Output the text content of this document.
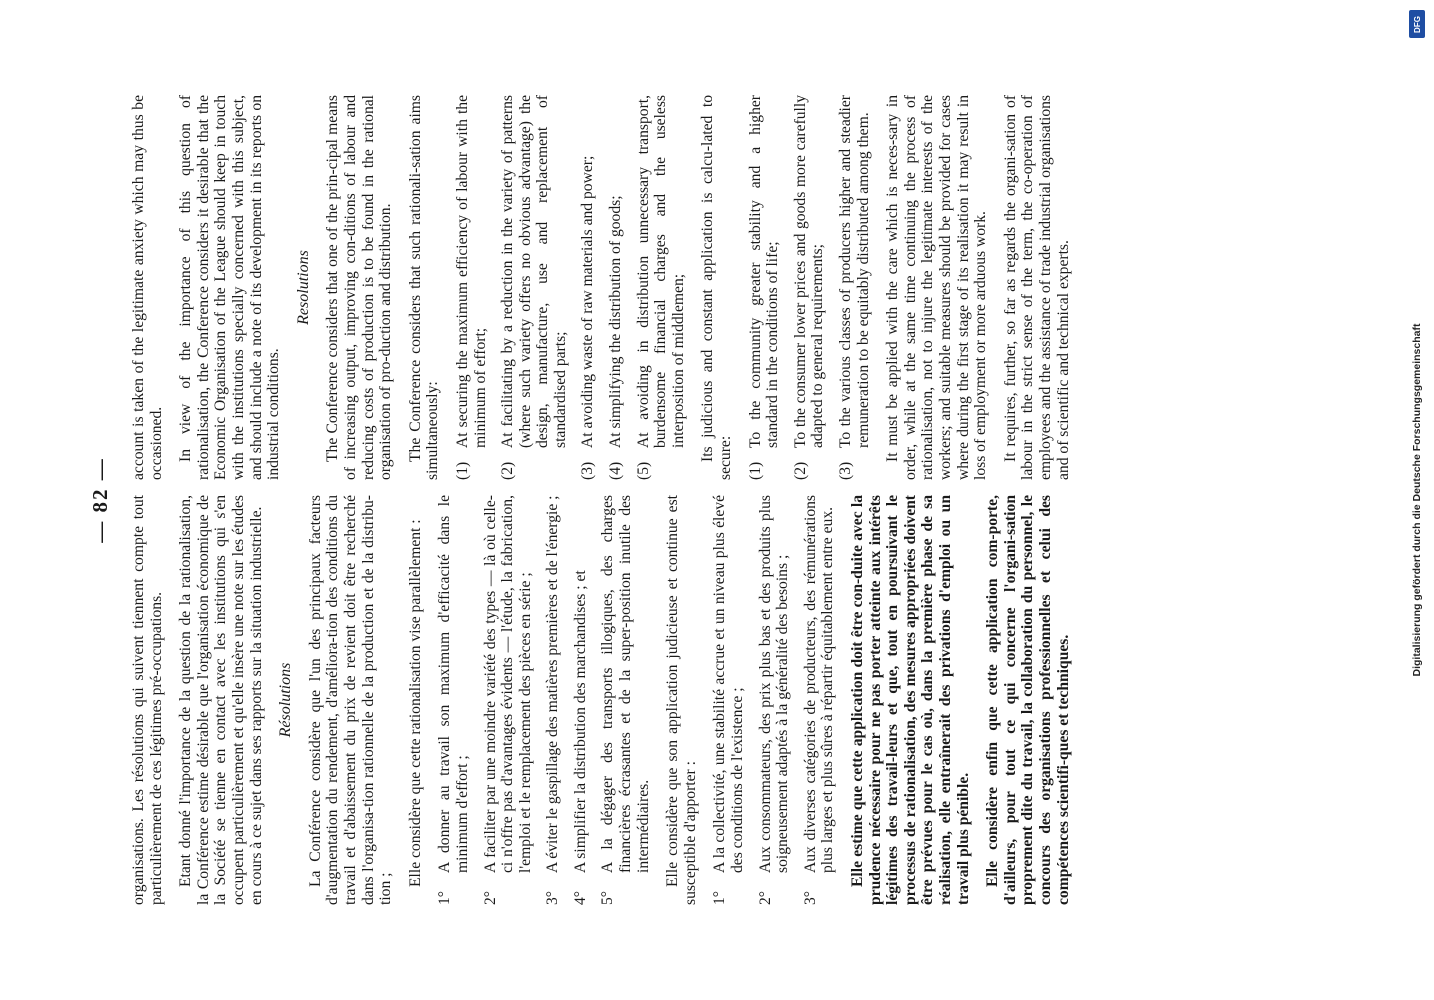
— 82 — organisations. Les résolutions qui suivent tiennent compte tout particulièrement de ces légitimes pré-occupations. Etant donné l'importance de la question de la rationalisation, la Conférence estime désirable que l'organisation économique de la Société se tienne en contact avec les institutions qui s'en occupent particulièrement et qu'elle insère une note sur les études en cours à ce sujet dans ses rapports sur la situation industrielle. Résolutions La Conférence considère que l'un des principaux facteurs d'augmentation du rendement, d'améliora-tion des conditions du travail et d'abaissement du prix de revient doit être recherché dans l'organisa-tion rationnelle de la production et de la distribu-tion ;

Elle considère que cette rationalisation vise parallèlement :

1°
A donner au travail son maximum d'efficacité dans le minimum d'effort ;
2°
A faciliter par une moindre variété des types — là où celle-ci n'offre pas d'avantages évidents — l'étude, la fabrication, l'emploi et le remplacement des pièces en série ;
3°
A éviter le gaspillage des matières premières et de l'énergie ;
4°
A simplifier la distribution des marchandises ; et
5°
A la dégager des transports illogiques, des charges financières écrasantes et de la super-position inutile des intermédiaires. Elle considère que son application judicieuse et continue est susceptible d'apporter : 1°
A la collectivité, une stabilité accrue et un niveau plus élevé des conditions de l'existence ;
2°
Aux consommateurs, des prix plus bas et des produits plus soigneusement adaptés à la généralité des besoins ;
3°
Aux diverses catégories de producteurs, des rémunérations plus larges et plus sûres à répartir équitablement entre eux. Elle estime que cette application doit être con-duite avec la prudence nécessaire pour ne pas porter atteinte aux intérêts légitimes des travail-leurs et que, tout en poursuivant le processus de rationalisation, des mesures appropriées doivent être prévues pour le cas où, dans la première phase de sa réalisation, elle entraînerait des privations d'emploi ou un travail plus pénible. Elle considère enfin que cette application com-porte, d'ailleurs, pour tout ce qui concerne l'organi-sation proprement dite du travail, la collaboration du personnel, le concours des organisations professionnelles et celui des compétences scientifi-ques et techniques.

account is taken of the legitimate anxiety which may thus be occasioned. In view of the importance of this question of rationalisation, the Conference considers it desirable that the Economic Organisation of the League should keep in touch with the institutions specially concerned with this subject, and should include a note of its development in its reports on industrial conditions.

Resolutions The Conference considers that one of the prin-cipal means of increasing output, improving con-ditions of labour and reducing costs of production is to be found in the rational organisation of pro-duction and distribution. The Conference considers that such rationali-sation aims simultaneously: (1)
At securing the maximum efficiency of labour with the minimum of effort;
(2)
At facilitating by a reduction in the variety of patterns (where such variety offers no obvious advantage) the design, manufacture, use and replacement of standardised parts;
(3)
At avoiding waste of raw materials and power;
(4)
At simplifying the distribution of goods;
(5)
At avoiding in distribution unnecessary transport, burdensome financial charges and the useless interposition of middlemen; Its judicious and constant application is calcu-lated to secure: (1)
To the community greater stability and a higher standard in the conditions of life;
(2)
To the consumer lower prices and goods more carefully adapted to general requirements;
(3)
To the various classes of producers higher and steadier remuneration to be equitably distributed among them. It must be applied with the care which is neces-sary in order, while at the same time continuing the process of rationalisation, not to injure the legitimate interests of the workers; and suitable measures should be provided for cases where during the first stage of its realisation it may result in loss of employment or more arduous work. It requires, further, so far as regards the organi-sation of labour in the strict sense of the term, the co-operation of employees and the assistance of trade industrial organisations and of scientific and technical experts.

DFG
Digitalisierung gefördert durch die Deutsche Forschungsgemeinschaft
